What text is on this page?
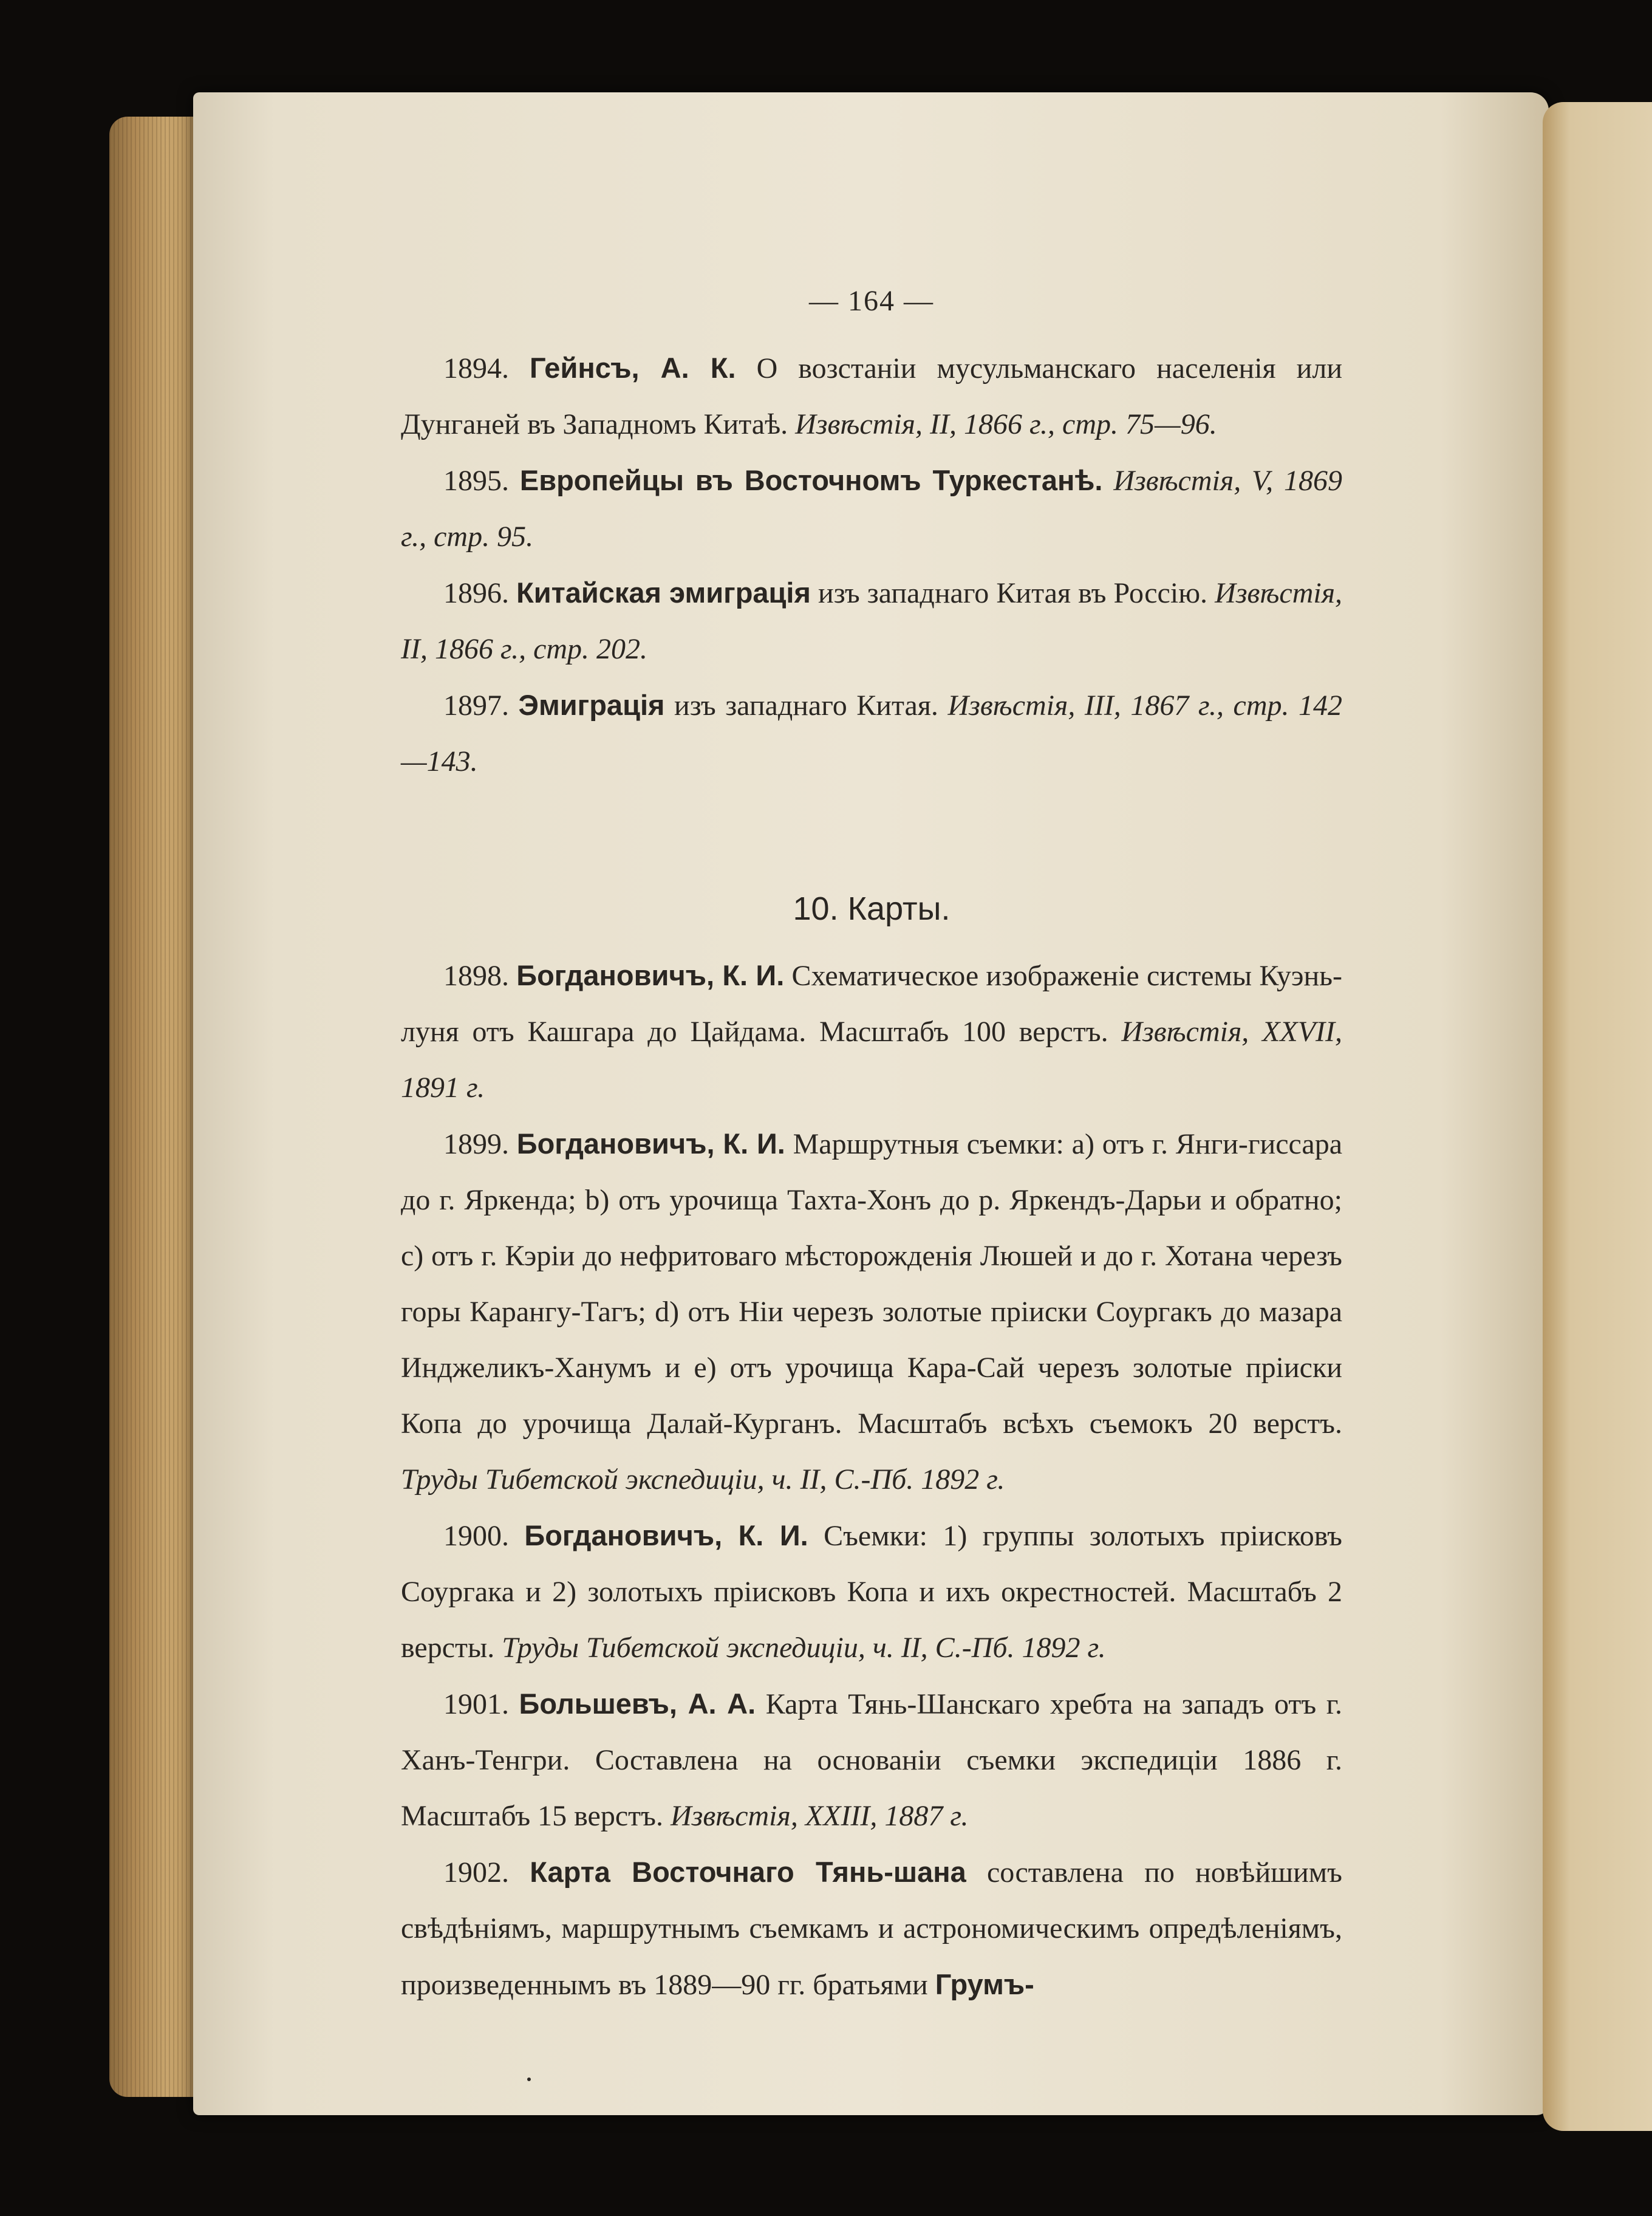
— 164 —

1894. Гейнсъ, А. К. О возстаніи мусульманскаго населенія или Дунганей въ Западномъ Китаѣ. Извѣстія, II, 1866 г., стр. 75—96.

1895. Европейцы въ Восточномъ Туркестанѣ. Извѣстія, V, 1869 г., стр. 95.

1896. Китайская эмиграція изъ западнаго Китая въ Россію. Извѣстія, II, 1866 г., стр. 202.

1897. Эмиграція изъ западнаго Китая. Извѣстія, III, 1867 г., стр. 142—143.

10. Карты.

1898. Богдановичъ, К. И. Схематическое изображеніе системы Куэнь-луня отъ Кашгара до Цайдама. Масштабъ 100 верстъ. Извѣстія, XXVII, 1891 г.

1899. Богдановичъ, К. И. Маршрутныя съемки: a) отъ г. Янги-гиссара до г. Яркенда; b) отъ урочища Тахта-Хонъ до р. Яркендъ-Дарьи и обратно; c) отъ г. Кэріи до нефритоваго мѣсторожденія Люшей и до г. Хотана черезъ горы Карангу-Тагъ; d) отъ Ніи черезъ золотые пріиски Соургакъ до мазара Инджеликъ-Ханумъ и e) отъ урочища Кара-Сай черезъ золотые пріиски Копа до урочища Далай-Курганъ. Масштабъ всѣхъ съемокъ 20 верстъ. Труды Тибетской экспедиціи, ч. II, С.-Пб. 1892 г.

1900. Богдановичъ, К. И. Съемки: 1) группы золотыхъ пріисковъ Соургака и 2) золотыхъ пріисковъ Копа и ихъ окрестностей. Масштабъ 2 версты. Труды Тибетской экспедиціи, ч. II, С.-Пб. 1892 г.

1901. Большевъ, А. А. Карта Тянь-Шанскаго хребта на западъ отъ г. Ханъ-Тенгри. Составлена на основаніи съемки экспедиціи 1886 г. Масштабъ 15 верстъ. Извѣстія, XXIII, 1887 г.

1902. Карта Восточнаго Тянь-шана составлена по новѣйшимъ свѣдѣніямъ, маршрутнымъ съемкамъ и астрономическимъ опредѣленіямъ, произведеннымъ въ 1889—90 гг. братьями Грумъ-
